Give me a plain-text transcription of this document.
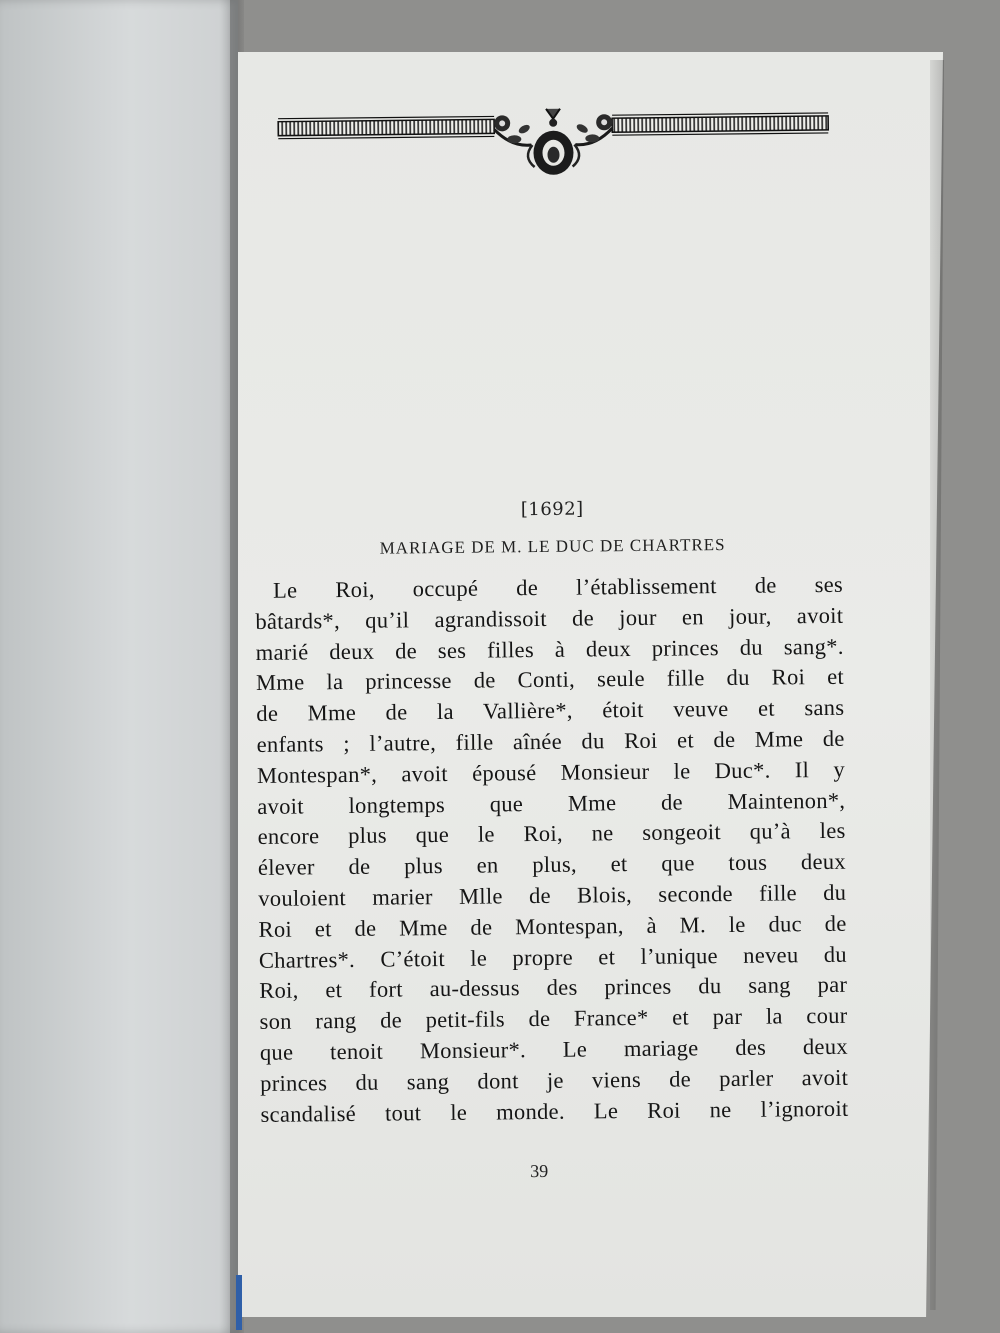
[1692]
MARIAGE DE M. LE DUC DE CHARTRES
Le Roi, occupé de l’établissement de ses
bâtards*, qu’il agrandissoit de jour en jour, avoit
marié deux de ses filles à deux princes du sang*.
Mme la princesse de Conti, seule fille du Roi et
de Mme de la Vallière*, étoit veuve et sans
enfants ; l’autre, fille aînée du Roi et de Mme de
Montespan*, avoit épousé Monsieur le Duc*. Il y
avoit longtemps que Mme de Maintenon*,
encore plus que le Roi, ne songeoit qu’à les
élever de plus en plus, et que tous deux
vouloient marier Mlle de Blois, seconde fille du
Roi et de Mme de Montespan, à M. le duc de
Chartres*. C’étoit le propre et l’unique neveu du
Roi, et fort au-dessus des princes du sang par
son rang de petit-fils de France* et par la cour
que tenoit Monsieur*. Le mariage des deux
princes du sang dont je viens de parler avoit
scandalisé tout le monde. Le Roi ne l’ignoroit
39
